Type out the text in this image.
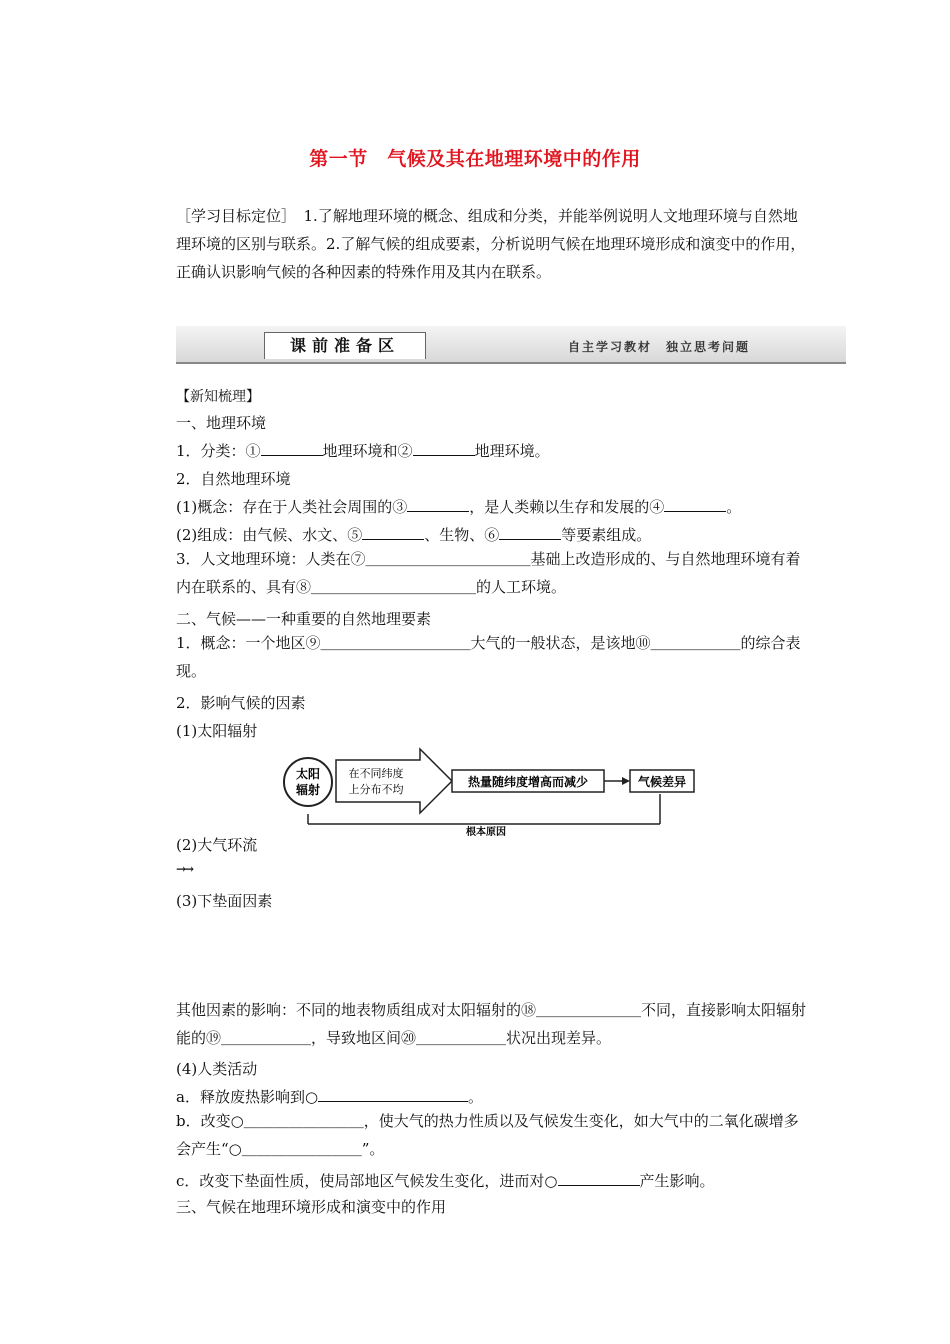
第一节　气候及其在地理环境中的作用
［学习目标定位］　1.了解地理环境的概念、组成和分类，并能举例说明人文地理环境与自然地理环境的区别与联系。2.了解气候的组成要素，分析说明气候在地理环境形成和演变中的作用，正确认识影响气候的各种因素的特殊作用及其内在联系。
课前准备区	自主学习教材　独立思考问题
【新知梳理】
一、地理环境
1．分类：①	地理环境和②	地理环境。
2．自然地理环境
(1)概念：存在于人类社会周围的③	，是人类赖以生存和发展的④	。
(2)组成：由气候、水文、⑤	、生物、⑥	等要素组成。
3．人文地理环境：人类在⑦＿＿＿＿＿＿＿＿＿＿＿基础上改造形成的、与自然地理环境有着内在联系的、具有⑧＿＿＿＿＿＿＿＿＿＿＿的人工环境。
二、气候——一种重要的自然地理要素
1．概念：一个地区⑨＿＿＿＿＿＿＿＿＿＿大气的一般状态，是该地⑩＿＿＿＿＿＿的综合表现。
2．影响气候的因素
(1)太阳辐射
太阳
辐射
在不同纬度
上分布不均
热量随纬度增高而减少	气候差异
根本原因
(2)大气环流
→→
(3)下垫面因素
其他因素的影响：不同的地表物质组成对太阳辐射的⑱＿＿＿＿＿＿＿不同，直接影响太阳辐射能的⑲＿＿＿＿＿＿，导致地区间⑳＿＿＿＿＿＿状况出现差异。
(4)人类活动
a．释放废热影响到○	。
b．改变○＿＿＿＿＿＿＿＿，使大气的热力性质以及气候发生变化，如大气中的二氧化碳增多会产生“○＿＿＿＿＿＿＿＿”。
c．改变下垫面性质，使局部地区气候发生变化，进而对○	产生影响。
三、气候在地理环境形成和演变中的作用
